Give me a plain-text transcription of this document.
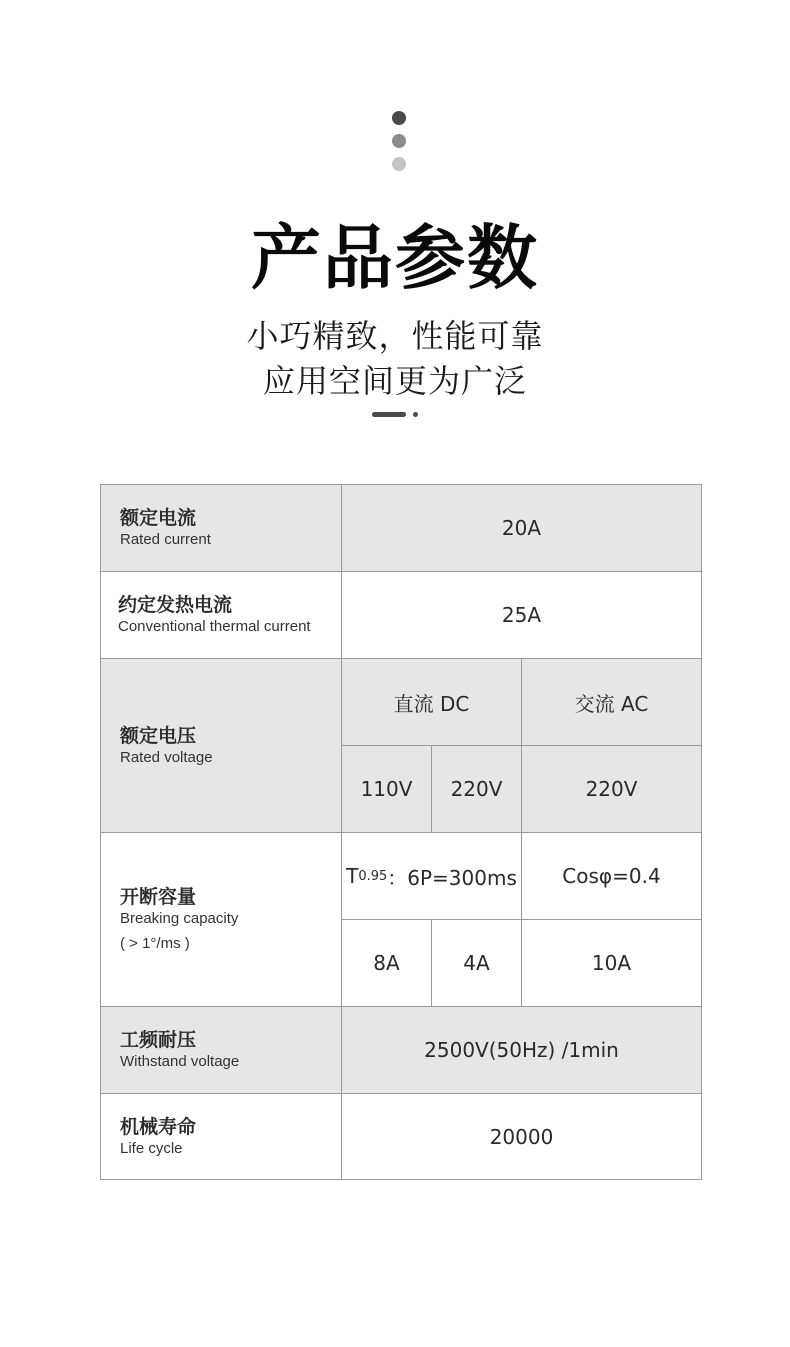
产品参数
小巧精致，性能可靠
应用空间更为广泛
额定电流
Rated current	20A
约定发热电流
Conventional thermal current	25A
额定电压
Rated voltage
直流 DC	交流 AC
110V	220V	220V
开断容量
Breaking capacity
( > 1°/ms )
T 0.95 ：6P=300ms	Cosφ=0.4
8A	4A	10A
工频耐压
Withstand voltage	2500V(50Hz) /1min
机械寿命
Life cycle	20000
